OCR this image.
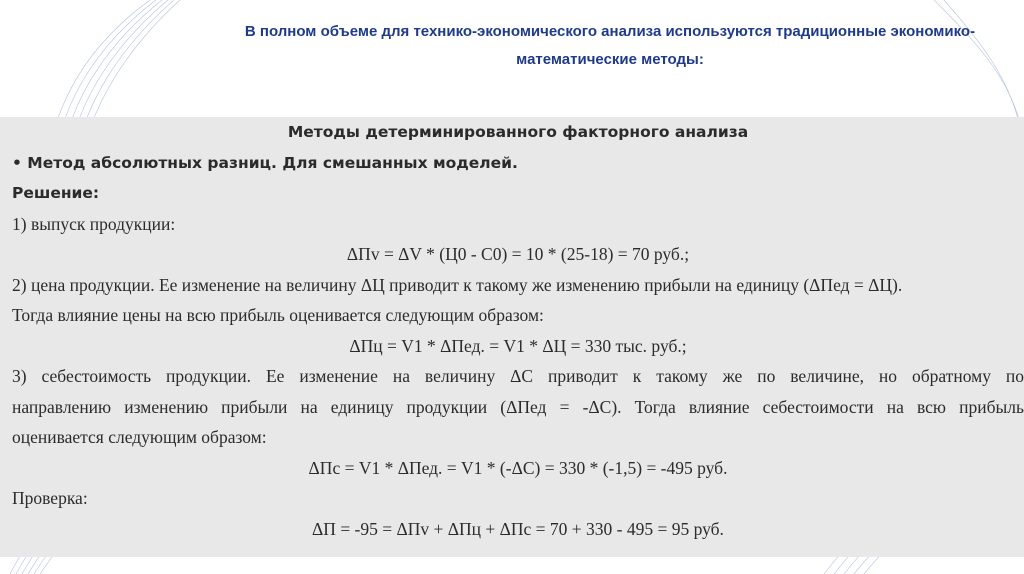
В полном объеме для технико-экономического анализа используются традиционные экономико-
математические методы:
Методы детерминированного факторного анализа
• Метод абсолютных разниц. Для смешанных моделей.
Решение:
1) выпуск продукции:
ΔПv = ΔV * (Ц0 - C0) = 10 * (25-18) = 70 руб.;
2) цена продукции. Ее изменение на величину ΔЦ приводит к такому же изменению прибыли на единицу (ΔПед = ΔЦ).
Тогда влияние цены на всю прибыль оценивается следующим образом:
ΔПц = V1 * ΔПед. = V1 * ΔЦ = 330 тыс. руб.;
3) себестоимость продукции. Ее изменение на величину ΔС приводит к такому же по величине, но обратному по
направлению изменению прибыли на единицу продукции (ΔПед = -ΔС). Тогда влияние себестоимости на всю прибыль
оценивается следующим образом:
ΔПс = V1 * ΔПед. = V1 * (-ΔС) = 330 * (-1,5) = -495 руб.
Проверка:
ΔП = -95 = ΔПv + ΔПц + ΔПс = 70 + 330 - 495 = 95 руб.
